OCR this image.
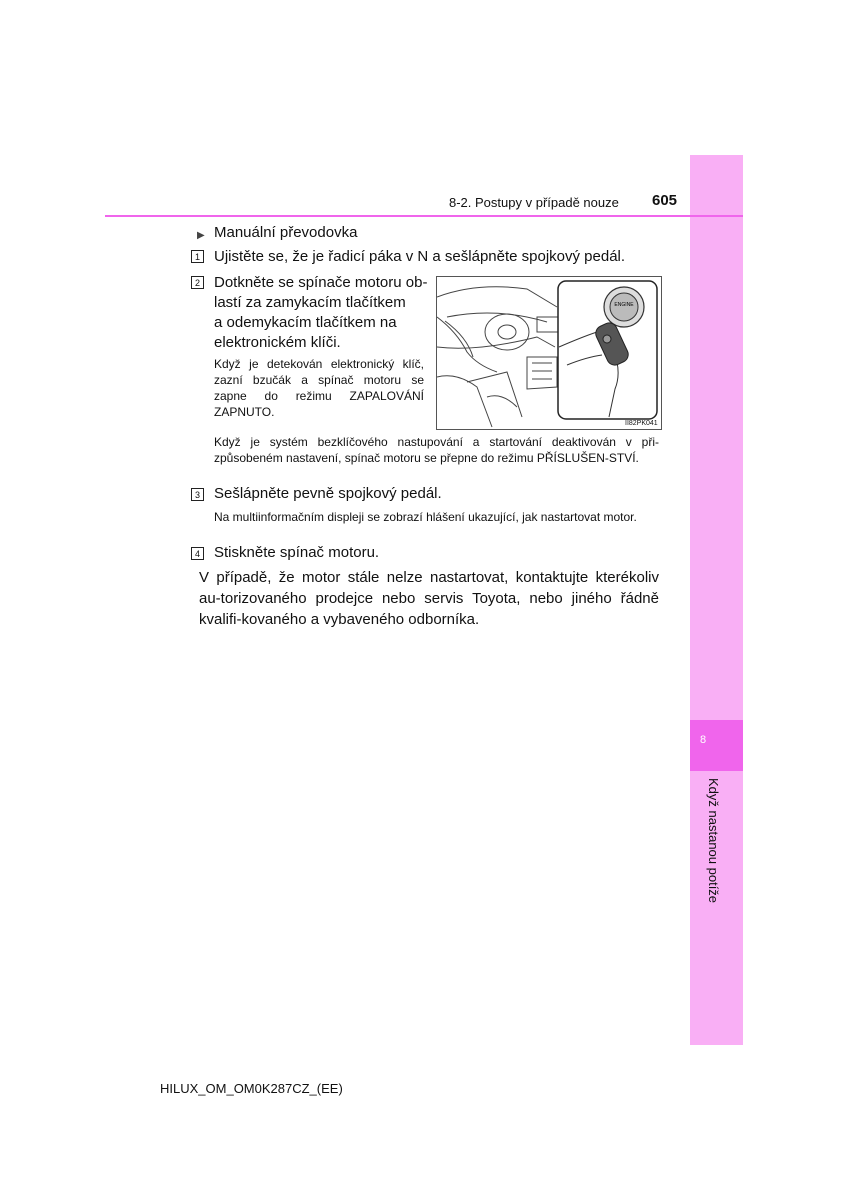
8
Když nastanou potíže
8-2. Postupy v případě nouze 605
▶ Manuální převodovka
1 Ujistěte se, že je řadicí páka v N a sešlápněte spojkový pedál.
2 Dotkněte se spínače motoru ob-
lastí za zamykacím tlačítkem
a odemykacím tlačítkem na
elektronickém klíči.
Když je detekován elektronický klíč, zazní bzučák a spínač motoru se zapne do režimu ZAPALOVÁNÍ ZAPNUTO.
ENGINE
II82PK041
Když je systém bezklíčového nastupování a startování deaktivován v při-způsobeném nastavení, spínač motoru se přepne do režimu PŘÍSLUŠEN-STVÍ.
3 Sešlápněte pevně spojkový pedál.
Na multiinformačním displeji se zobrazí hlášení ukazující, jak nastartovat motor.
4 Stiskněte spínač motoru.
V případě, že motor stále nelze nastartovat, kontaktujte kterékoliv au-torizovaného prodejce nebo servis Toyota, nebo jiného řádně kvalifi-kovaného a vybaveného odborníka.
HILUX_OM_OM0K287CZ_(EE)
